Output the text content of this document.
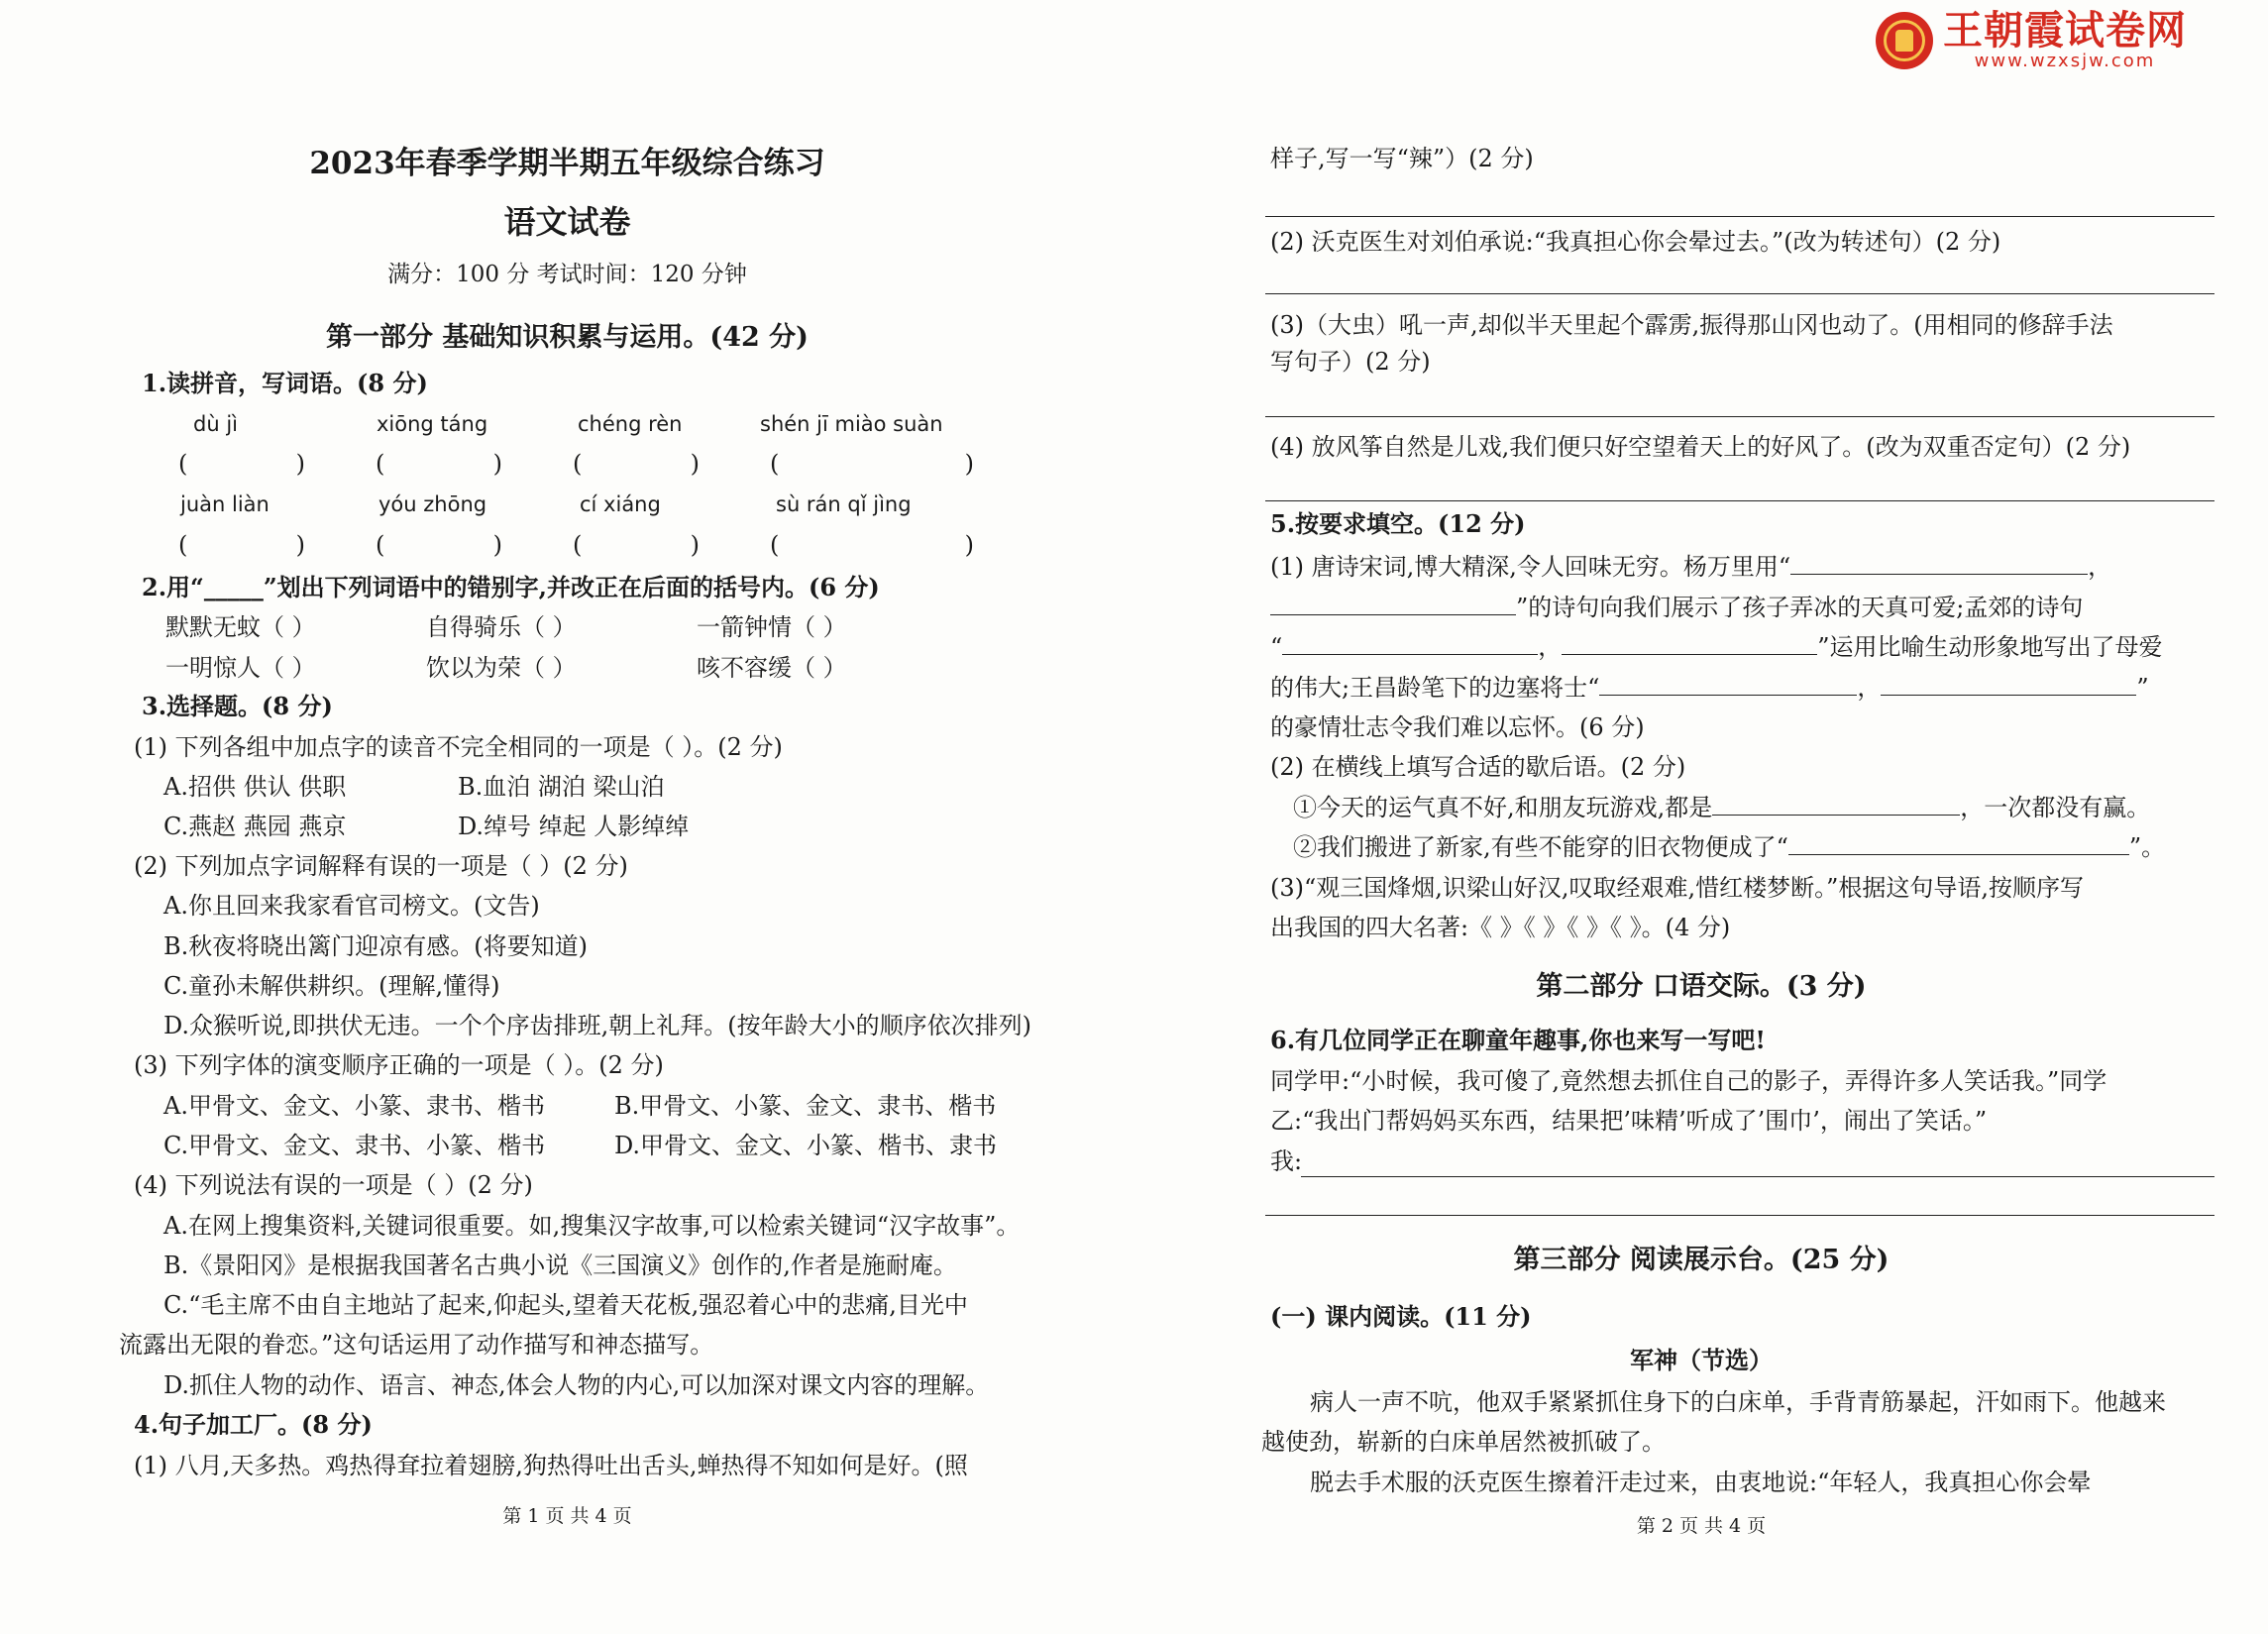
2023年春季学期半期五年级综合练习
语文试卷
满分：100 分 考试时间：120 分钟
第一部分 基础知识积累与运用。(42 分)
1.读拼音，写词语。(8 分)
dù jì	xiōng táng	chéng rèn	shén jī miào suàn
(	)	(	)	(	)	(	)
juàn liàn	yóu zhōng	cí xiáng	sù rán qǐ jìng
(	)	(	)	(	)	(	)
2.用“_____”划出下列词语中的错别字,并改正在后面的括号内。(6 分)
默默无蚊（ ）	自得骑乐（ ）	一箭钟情（ ）
一明惊人（ ）	饮以为荣（ ）	咳不容缓（ ）
3.选择题。(8 分)
(1) 下列各组中加点字的读音不完全相同的一项是（ ）。(2 分)
A.招供 供认 供职	B.血泊 湖泊 梁山泊
C.燕赵 燕园 燕京	D.绰号 绰起 人影绰绰
(2) 下列加点字词解释有误的一项是（ ）(2 分)
A.你且回来我家看官司榜文。(文告)
B.秋夜将晓出篱门迎凉有感。(将要知道)
C.童孙未解供耕织。(理解,懂得)
D.众猴听说,即拱伏无违。一个个序齿排班,朝上礼拜。(按年龄大小的顺序依次排列)
(3) 下列字体的演变顺序正确的一项是（ ）。(2 分)
A.甲骨文、金文、小篆、隶书、楷书	B.甲骨文、小篆、金文、隶书、楷书
C.甲骨文、金文、隶书、小篆、楷书	D.甲骨文、金文、小篆、楷书、隶书
(4) 下列说法有误的一项是（ ）(2 分)
A.在网上搜集资料,关键词很重要。如,搜集汉字故事,可以检索关键词“汉字故事”。
B.《景阳冈》是根据我国著名古典小说《三国演义》创作的,作者是施耐庵。
C.“毛主席不由自主地站了起来,仰起头,望着天花板,强忍着心中的悲痛,目光中
流露出无限的眷恋。”这句话运用了动作描写和神态描写。
D.抓住人物的动作、语言、神态,体会人物的内心,可以加深对课文内容的理解。
4.句子加工厂。(8 分)
(1) 八月,天多热。鸡热得耷拉着翅膀,狗热得吐出舌头,蝉热得不知如何是好。(照
第 1 页 共 4 页
王朝霞试卷网
www.wzxsjw.com
样子,写一写“辣”）(2 分)
(2) 沃克医生对刘伯承说:“我真担心你会晕过去。”(改为转述句）(2 分)
(3)（大虫）吼一声,却似半天里起个霹雳,振得那山冈也动了。(用相同的修辞手法
写句子）(2 分)
(4) 放风筝自然是儿戏,我们便只好空望着天上的好风了。(改为双重否定句）(2 分)
5.按要求填空。(12 分)
(1) 唐诗宋词,博大精深,令人回味无穷。杨万里用“	，
”的诗句向我们展示了孩子弄冰的天真可爱;孟郊的诗句
“	，	”运用比喻生动形象地写出了母爱
的伟大;王昌龄笔下的边塞将士“	，	”
的豪情壮志令我们难以忘怀。(6 分)
(2) 在横线上填写合适的歇后语。(2 分)
①今天的运气真不好,和朋友玩游戏,都是	，一次都没有赢。
②我们搬进了新家,有些不能穿的旧衣物便成了“	”。
(3)“观三国烽烟,识梁山好汉,叹取经艰难,惜红楼梦断。”根据这句导语,按顺序写
出我国的四大名著:《 》《 》《 》《 》。(4 分)
第二部分 口语交际。(3 分)
6.有几位同学正在聊童年趣事,你也来写一写吧!
同学甲:“小时候，我可傻了,竟然想去抓住自己的影子，弄得许多人笑话我。”同学
乙:“我出门帮妈妈买东西，结果把’味精’听成了’围巾’，闹出了笑话。”
我:
第三部分 阅读展示台。(25 分)
(一) 课内阅读。(11 分)
军神（节选）
病人一声不吭，他双手紧紧抓住身下的白床单，手背青筋暴起，汗如雨下。他越来
越使劲，崭新的白床单居然被抓破了。
脱去手术服的沃克医生擦着汗走过来，由衷地说:“年轻人，我真担心你会晕
第 2 页 共 4 页
